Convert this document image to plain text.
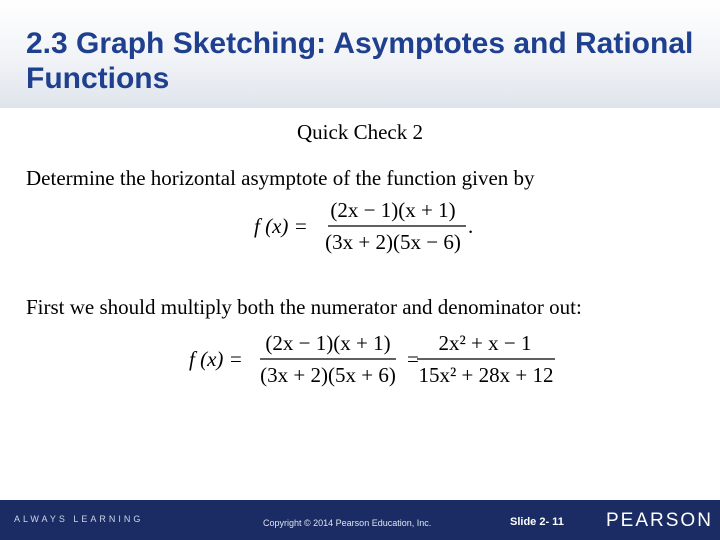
2.3 Graph Sketching: Asymptotes and Rational Functions
Quick Check 2
Determine the horizontal asymptote of the function given by
f (x) =
(2x − 1)(x + 1)
(3x + 2)(5x − 6)
.
First we should multiply both the numerator and denominator out:
f (x) =
(2x − 1)(x + 1)
(3x + 2)(5x + 6)
=
2x² + x − 1
15x² + 28x + 12
ALWAYS LEARNING	Copyright © 2014 Pearson Education, Inc.	Slide 2- 11 PEARSON
